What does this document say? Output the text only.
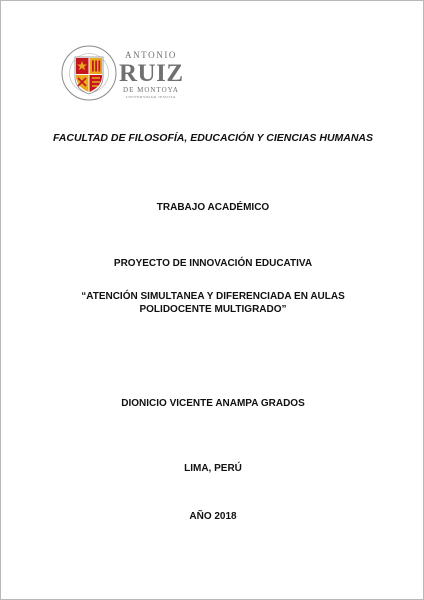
ANTONIO
RUIZ
DE MONTOYA
UNIVERSIDAD JESUITA

FACULTAD DE FILOSOFÍA, EDUCACIÓN Y CIENCIAS HUMANAS

TRABAJO ACADÉMICO

PROYECTO DE INNOVACIÓN EDUCATIVA

“ATENCIÓN SIMULTANEA Y DIFERENCIADA EN AULAS
POLIDOCENTE MULTIGRADO”

DIONICIO VICENTE ANAMPA GRADOS

LIMA, PERÚ

AÑO 2018
